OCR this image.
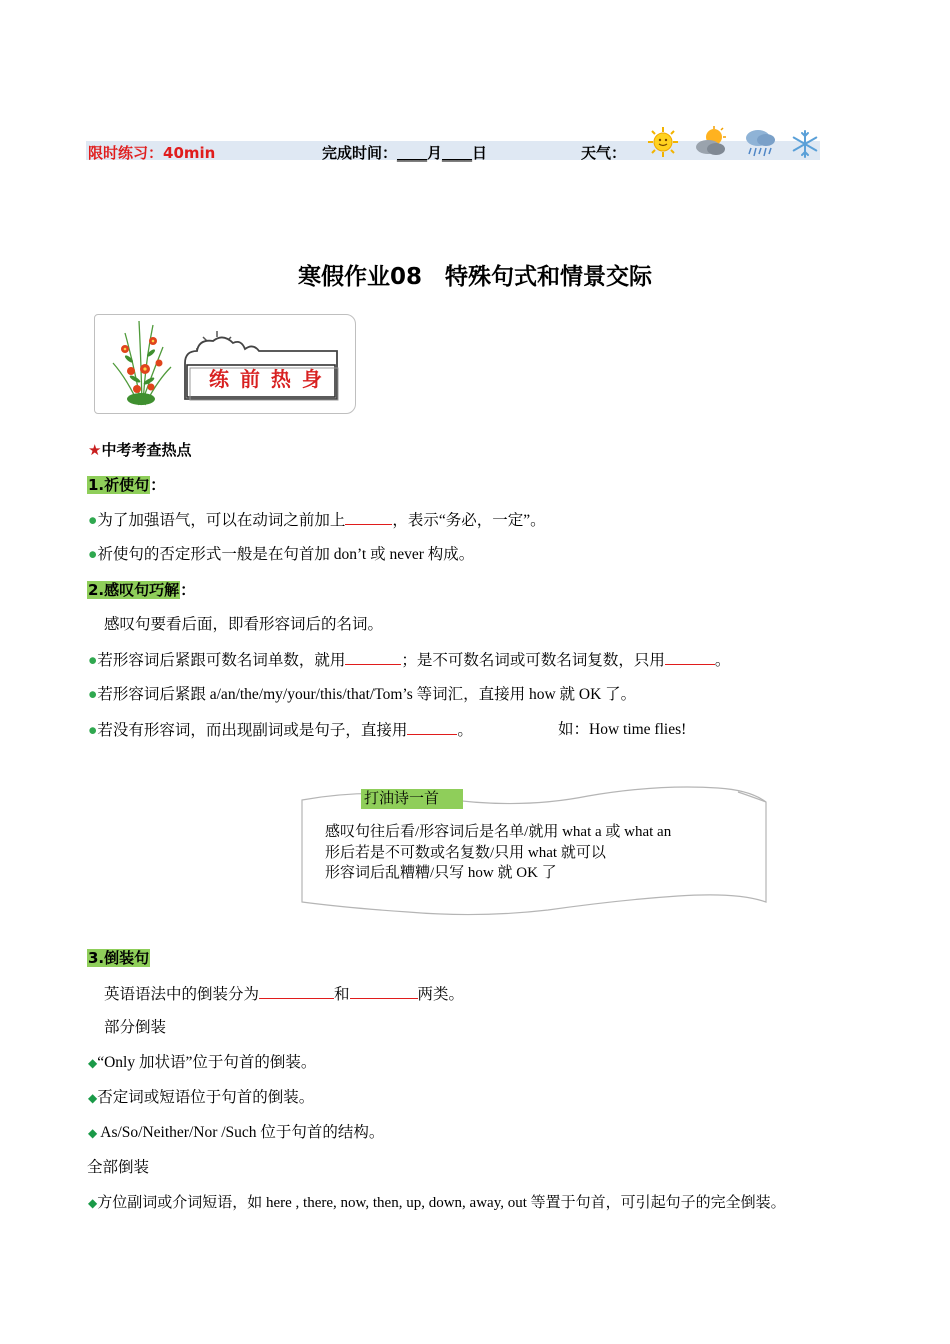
限时练习：40min	完成时间：____月____日	天气：
寒假作业08　特殊句式和情景交际
练 前 热 身
★中考考查热点
1.祈使句：
●为了加强语气，可以在动词之前加上	，表示“务必，一定”。
●祈使句的否定形式一般是在句首加 don’t 或 never 构成。
2.感叹句巧解：
感叹句要看后面，即看形容词后的名词。
●若形容词后紧跟可数名词单数，就用	；是不可数名词或可数名词复数，只用	。
●若形容词后紧跟 a/an/the/my/your/this/that/Tom’s 等词汇，直接用 how 就 OK 了。
●若没有形容词，而出现副词或是句子，直接用	。	如：How time flies!
打油诗一首
感叹句往后看/形容词后是名单/就用 what a 或 what an
形后若是不可数或名复数/只用 what 就可以
形容词后乱糟糟/只写 how 就 OK 了
3.倒装句
英语语法中的倒装分为	和	两类。
部分倒装
◆“Only 加状语”位于句首的倒装。
◆否定词或短语位于句首的倒装。
◆ As/So/Neither/Nor /Such 位于句首的结构。
全部倒装
◆方位副词或介词短语，如 here , there, now, then, up, down, away, out 等置于句首，可引起句子的完全倒装。
